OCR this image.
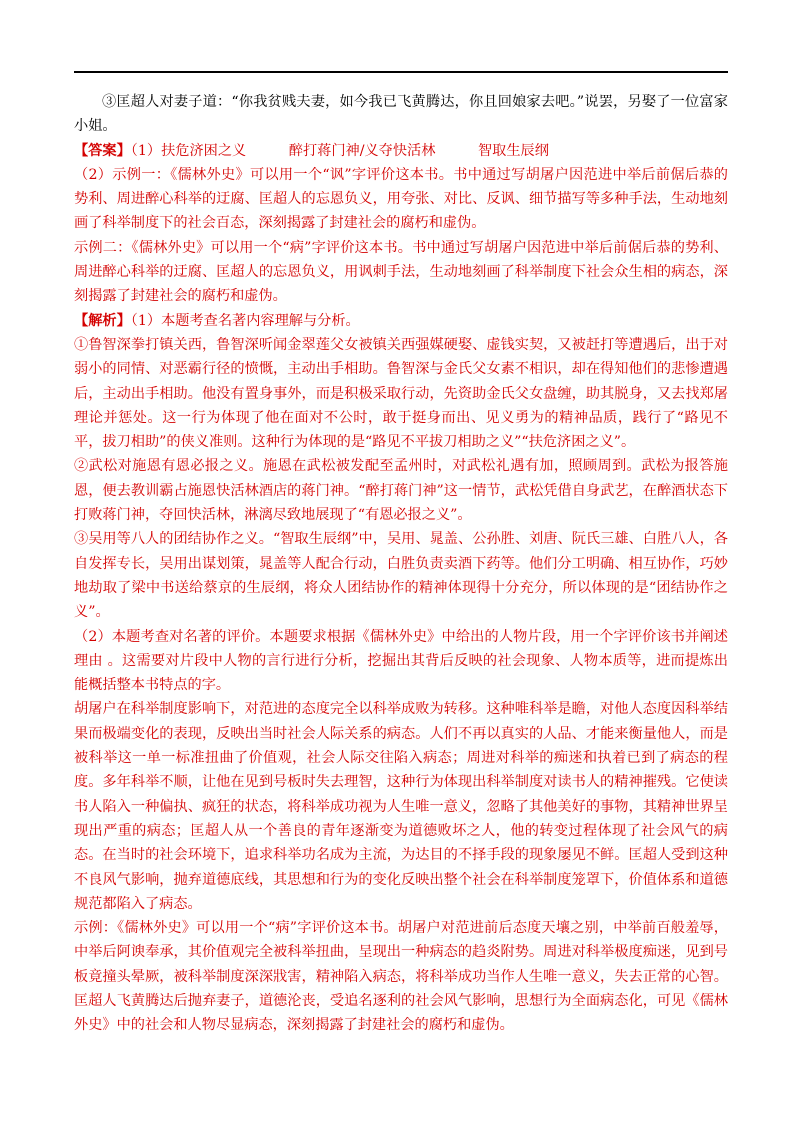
③匡超人对妻子道：“你我贫贱夫妻，如今我已飞黄腾达，你且回娘家去吧。”说罢，另娶了一位富家小姐。

【答案】（1）扶危济困之义　　　醉打蒋门神/义夺快活林　　　智取生辰纲

（2）示例一：《儒林外史》可以用一个“讽”字评价这本书。书中通过写胡屠户因范进中举后前倨后恭的势利、周进醉心科举的迂腐、匡超人的忘恩负义，用夸张、对比、反讽、细节描写等多种手法，生动地刻画了科举制度下的社会百态，深刻揭露了封建社会的腐朽和虚伪。

示例二：《儒林外史》可以用一个“病”字评价这本书。书中通过写胡屠户因范进中举后前倨后恭的势利、周进醉心科举的迂腐、匡超人的忘恩负义，用讽刺手法，生动地刻画了科举制度下社会众生相的病态，深刻揭露了封建社会的腐朽和虚伪。

【解析】（1）本题考查名著内容理解与分析。

①鲁智深拳打镇关西，鲁智深听闻金翠莲父女被镇关西强媒硬娶、虚钱实契，又被赶打等遭遇后，出于对弱小的同情、对恶霸行径的愤慨，主动出手相助。鲁智深与金氏父女素不相识，却在得知他们的悲惨遭遇后，主动出手相助。他没有置身事外，而是积极采取行动，先资助金氏父女盘缠，助其脱身，又去找郑屠理论并惩处。这一行为体现了他在面对不公时，敢于挺身而出、见义勇为的精神品质，践行了“路见不平，拔刀相助”的侠义准则。这种行为体现的是“路见不平拔刀相助之义”“扶危济困之义”。

②武松对施恩有恩必报之义。施恩在武松被发配至孟州时，对武松礼遇有加，照顾周到。武松为报答施恩，便去教训霸占施恩快活林酒店的蒋门神。“醉打蒋门神”这一情节，武松凭借自身武艺，在醉酒状态下打败蒋门神，夺回快活林，淋漓尽致地展现了“有恩必报之义”。

③吴用等八人的团结协作之义。“智取生辰纲”中，吴用、晁盖、公孙胜、刘唐、阮氏三雄、白胜八人，各自发挥专长，吴用出谋划策，晁盖等人配合行动，白胜负责卖酒下药等。他们分工明确、相互协作，巧妙地劫取了梁中书送给蔡京的生辰纲，将众人团结协作的精神体现得十分充分，所以体现的是“团结协作之义”。

（2）本题考查对名著的评价。本题要求根据《儒林外史》中给出的人物片段，用一个字评价该书并阐述理由 。这需要对片段中人物的言行进行分析，挖掘出其背后反映的社会现象、人物本质等，进而提炼出能概括整本书特点的字。

胡屠户在科举制度影响下，对范进的态度完全以科举成败为转移。这种唯科举是瞻，对他人态度因科举结果而极端变化的表现，反映出当时社会人际关系的病态。人们不再以真实的人品、才能来衡量他人，而是被科举这一单一标准扭曲了价值观，社会人际交往陷入病态；周进对科举的痴迷和执着已到了病态的程度。多年科举不顺，让他在见到号板时失去理智，这种行为体现出科举制度对读书人的精神摧残。它使读书人陷入一种偏执、疯狂的状态，将科举成功视为人生唯一意义，忽略了其他美好的事物，其精神世界呈现出严重的病态；匡超人从一个善良的青年逐渐变为道德败坏之人，他的转变过程体现了社会风气的病态。在当时的社会环境下，追求科举功名成为主流，为达目的不择手段的现象屡见不鲜。匡超人受到这种不良风气影响，抛弃道德底线，其思想和行为的变化反映出整个社会在科举制度笼罩下，价值体系和道德规范都陷入了病态。

示例：《儒林外史》可以用一个“病”字评价这本书。胡屠户对范进前后态度天壤之别，中举前百般羞辱，中举后阿谀奉承，其价值观完全被科举扭曲，呈现出一种病态的趋炎附势。周进对科举极度痴迷，见到号板竟撞头晕厥，被科举制度深深戕害，精神陷入病态，将科举成功当作人生唯一意义，失去正常的心智。匡超人飞黄腾达后抛弃妻子，道德沦丧，受追名逐利的社会风气影响，思想行为全面病态化，可见《儒林外史》中的社会和人物尽显病态，深刻揭露了封建社会的腐朽和虚伪。
